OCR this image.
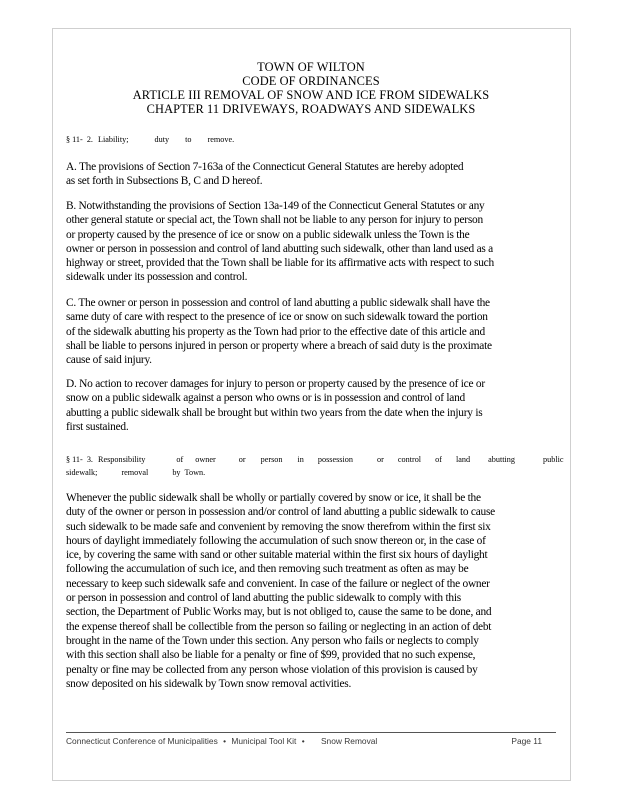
TOWN OF WILTON
CODE OF ORDINANCES
ARTICLE III REMOVAL OF SNOW AND ICE FROM SIDEWALKS
CHAPTER 11 DRIVEWAYS, ROADWAYS AND SIDEWALKS
§ 11- 2. Liability;	duty to remove.
A. The provisions of Section 7-163a of the Connecticut General Statutes are hereby adopted
as set forth in Subsections B, C and D hereof.
B. Notwithstanding the provisions of Section 13a-149 of the Connecticut General Statutes or any
other general statute or special act, the Town shall not be liable to any person for injury to person
or property caused by the presence of ice or snow on a public sidewalk unless the Town is the
owner or person in possession and control of land abutting such sidewalk, other than land used as a
highway or street, provided that the Town shall be liable for its affirmative acts with respect to such
sidewalk under its possession and control.
C. The owner or person in possession and control of land abutting a public sidewalk shall have the
same duty of care with respect to the presence of ice or snow on such sidewalk toward the portion
of the sidewalk abutting his property as the Town had prior to the effective date of this article and
shall be liable to persons injured in person or property where a breach of said duty is the proximate
cause of said injury.
D. No action to recover damages for injury to person or property caused by the presence of ice or
snow on a public sidewalk against a person who owns or is in possession and control of land
abutting a public sidewalk shall be brought but within two years from the date when the injury is
first sustained.
§ 11- 3. Responsibility	of owner	or person in possession	or control of land abutting	public
sidewalk;	removal	by Town.
Whenever the public sidewalk shall be wholly or partially covered by snow or ice, it shall be the
duty of the owner or person in possession and/or control of land abutting a public sidewalk to cause
such sidewalk to be made safe and convenient by removing the snow therefrom within the first six
hours of daylight immediately following the accumulation of such snow thereon or, in the case of
ice, by covering the same with sand or other suitable material within the first six hours of daylight
following the accumulation of such ice, and then removing such treatment as often as may be
necessary to keep such sidewalk safe and convenient. In case of the failure or neglect of the owner
or person in possession and control of land abutting the public sidewalk to comply with this
section, the Department of Public Works may, but is not obliged to, cause the same to be done, and
the expense thereof shall be collectible from the person so failing or neglecting in an action of debt
brought in the name of the Town under this section. Any person who fails or neglects to comply
with this section shall also be liable for a penalty or fine of $99, provided that no such expense,
penalty or fine may be collected from any person whose violation of this provision is caused by
snow deposited on his sidewalk by Town snow removal activities.
Connecticut Conference of Municipalities • Municipal Tool Kit • Snow Removal	Page 11
